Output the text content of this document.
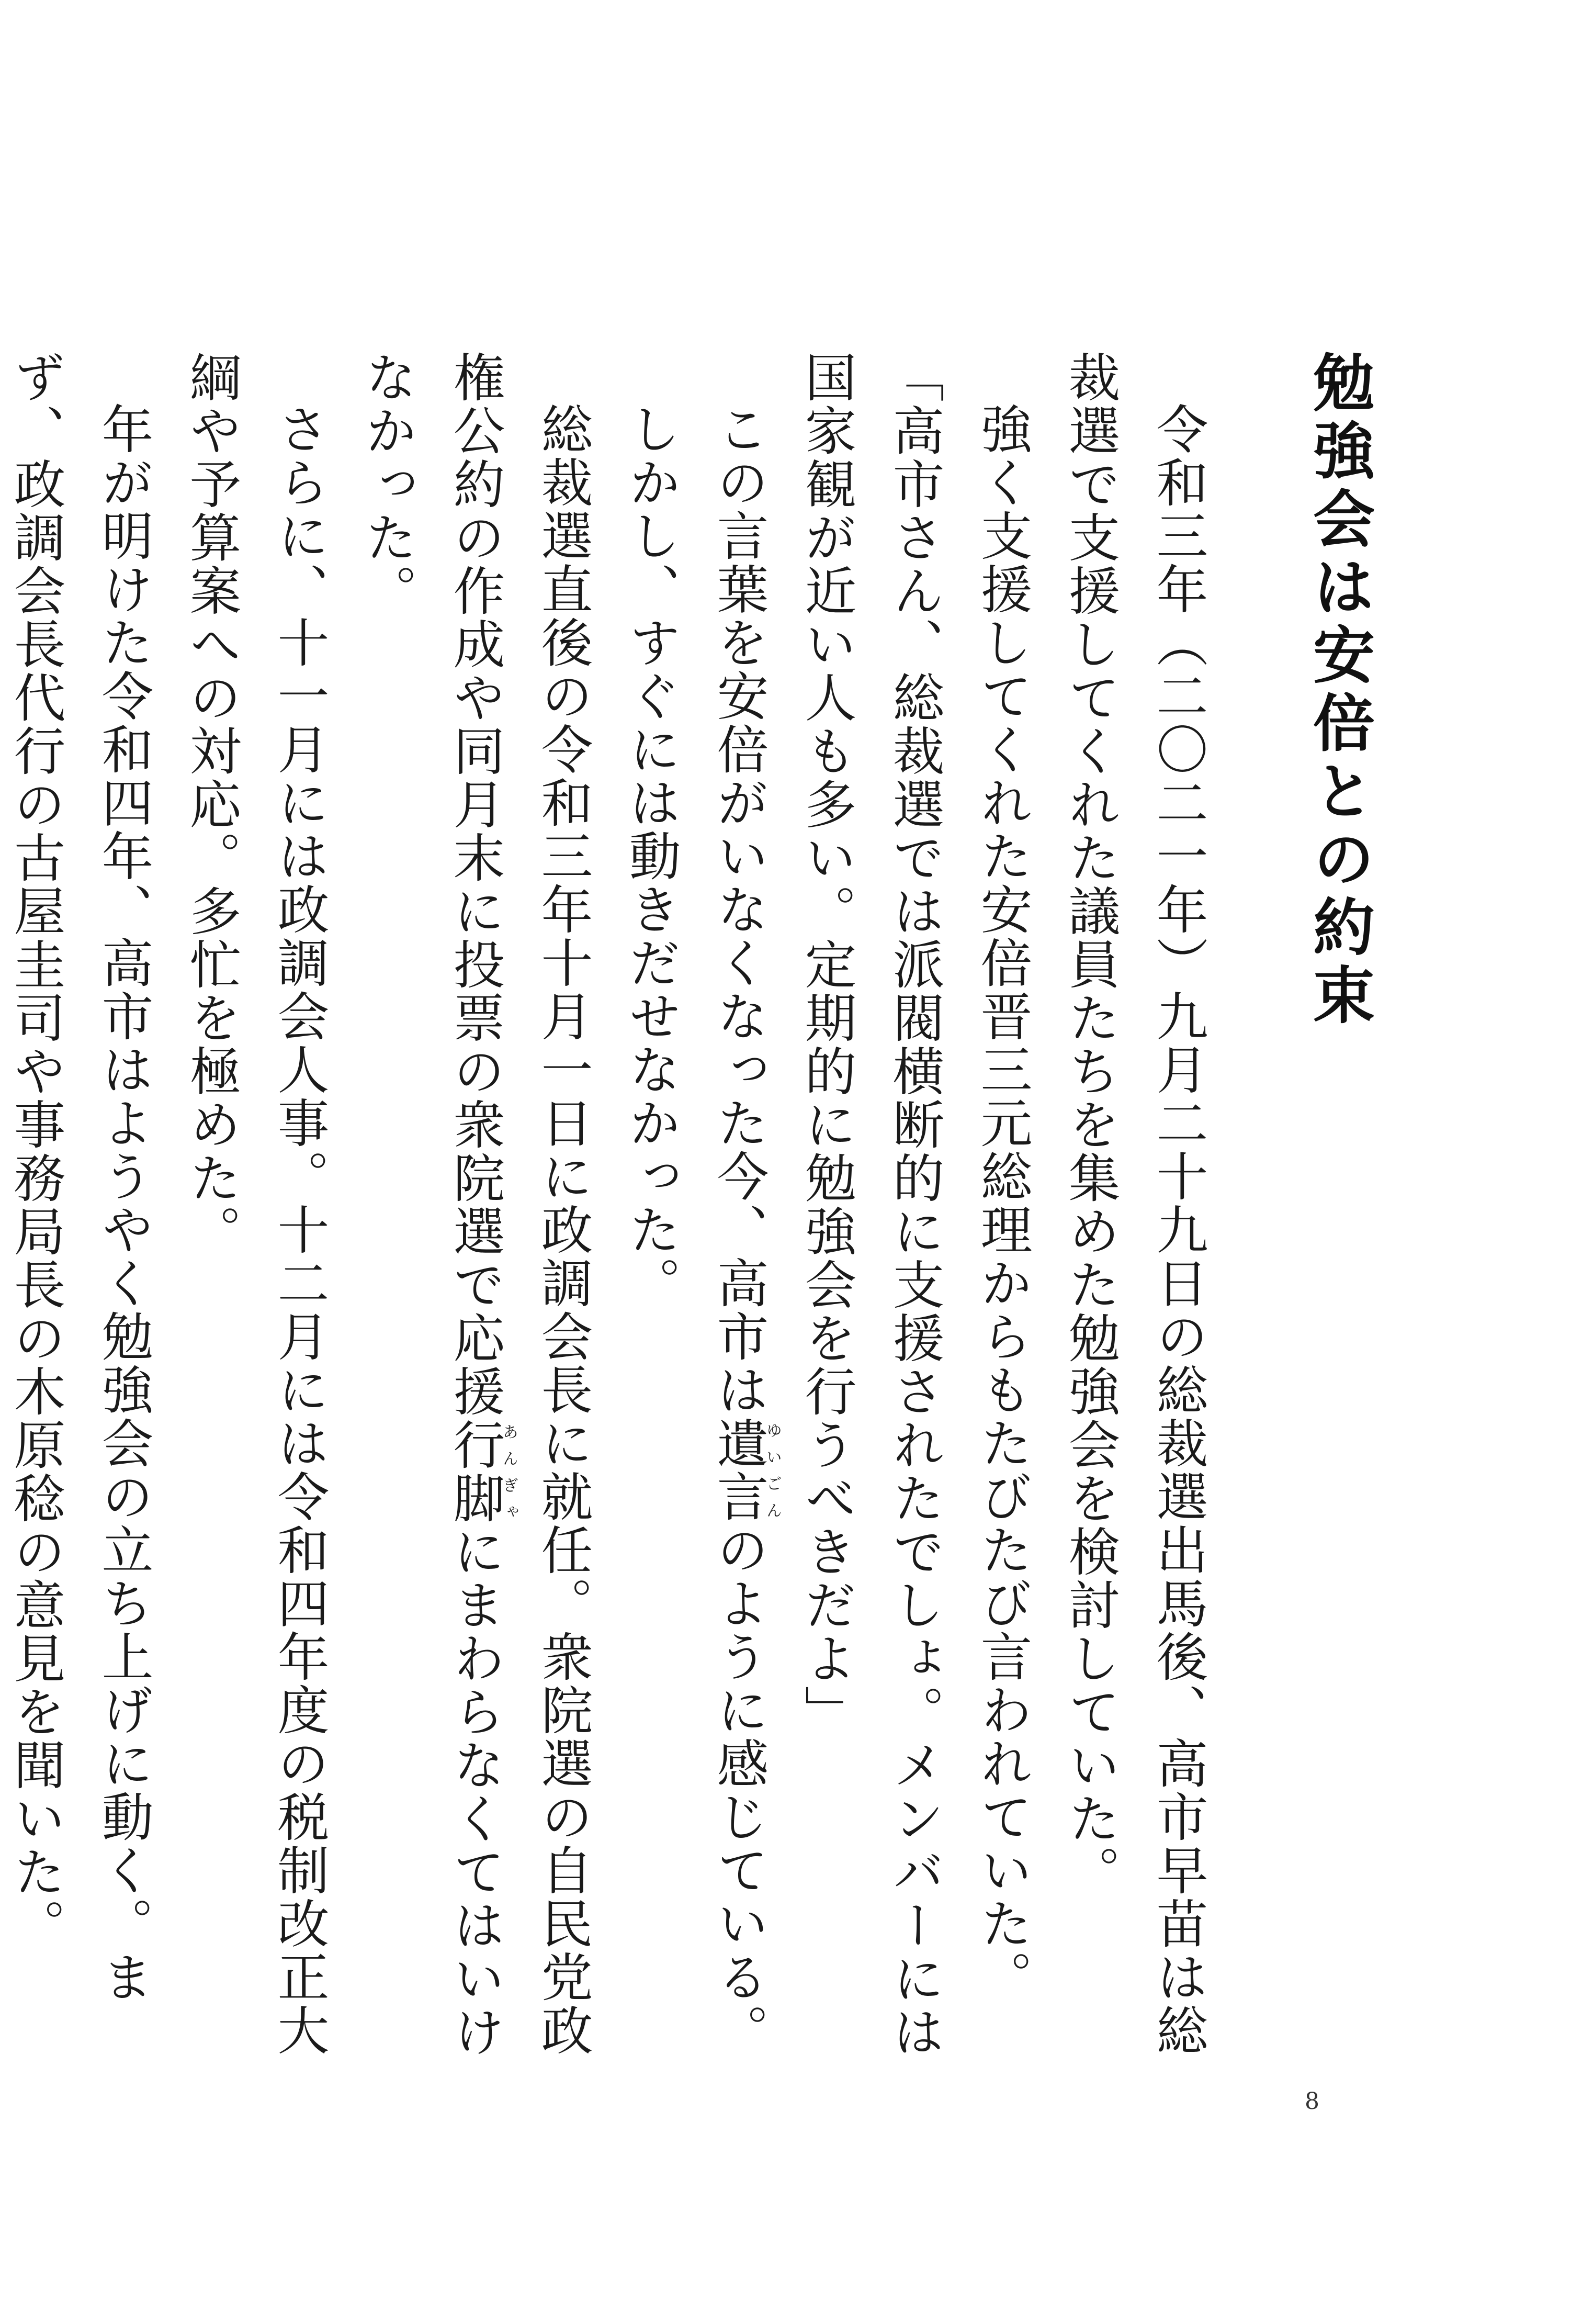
勉強会は安倍との約束

令和三年（二〇二一年）九月二十九日の総裁選出馬後、高市早苗は総裁選で支援してくれた議員たちを集めた勉強会を検討していた。

強く支援してくれた安倍晋三元総理からもたびたび言われていた。

「高市さん、総裁選では派閥横断的に支援されたでしょ。メンバーには国家観が近い人も多い。定期的に勉強会を行うべきだよ」

この言葉を安倍がいなくなった今、高市は遺言ゆいごんのように感じている。

しかし、すぐには動きだせなかった。

総裁選直後の令和三年十月一日に政調会長に就任。衆院選の自民党政権公約の作成や同月末に投票の衆院選で応援行脚あんぎゃにまわらなくてはいけなかった。

さらに、十一月には政調会人事。十二月には令和四年度の税制改正大綱や予算案への対応。多忙を極めた。

年が明けた令和四年、高市はようやく勉強会の立ち上げに動く。まず、政調会長代行の古屋圭司や事務局長の木原稔の意見を聞いた。

8
